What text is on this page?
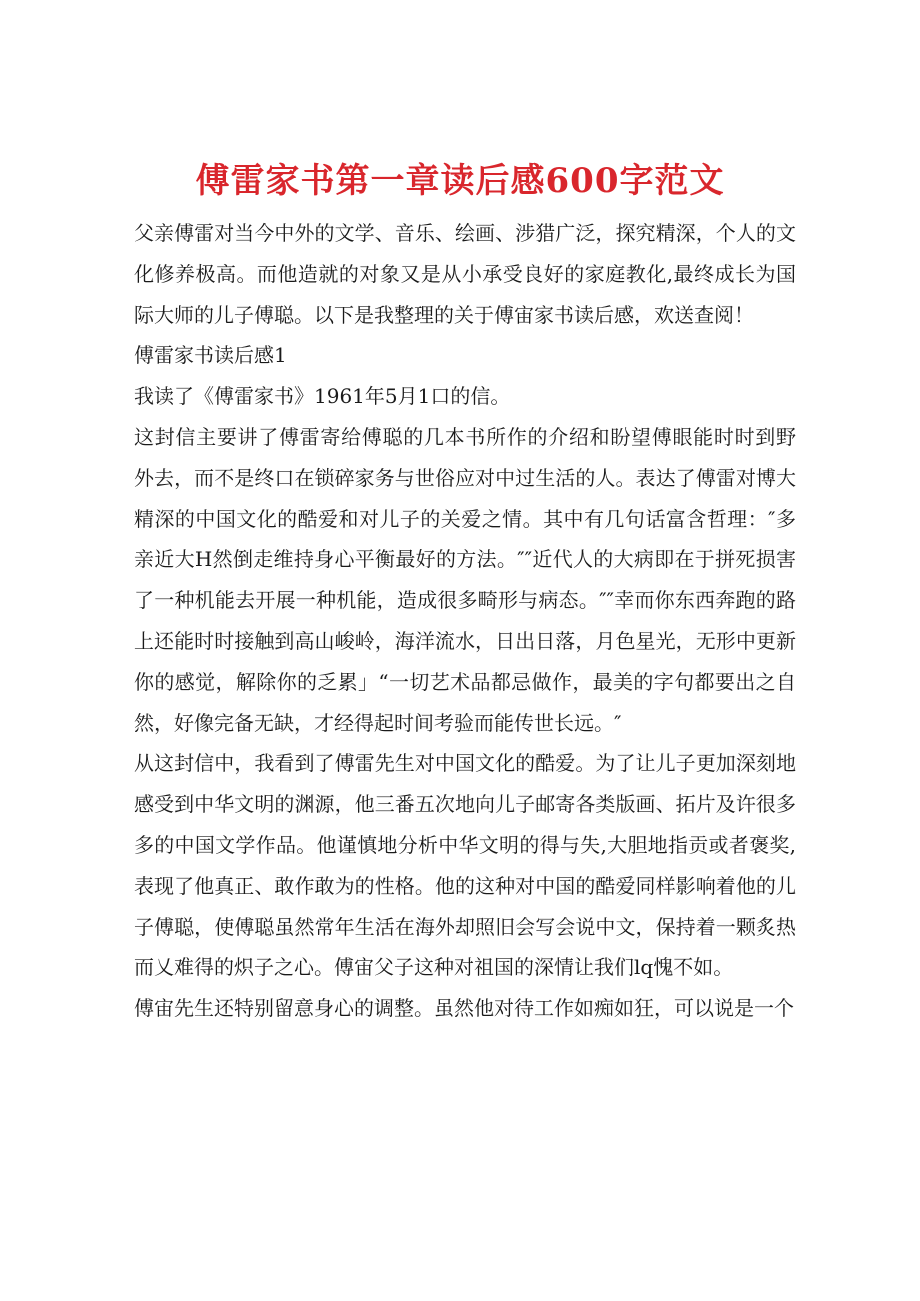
傅雷家书第一章读后感600字范文

父亲傅雷对当今中外的文学、音乐、绘画、涉猎广泛，探究精深，个人的文
化修养极高。而他造就的对象又是从小承受良好的家庭教化,最终成长为国
际大师的儿子傅聪。以下是我整理的关于傅宙家书读后感，欢送查阅！

傅雷家书读后感1

我读了《傅雷家书》1961年5月1口的信。

这封信主要讲了傅雷寄给傅聪的几本书所作的介绍和盼望傅眼能时时到野
外去，而不是终口在锁碎家务与世俗应对中过生活的人。表达了傅雷对博大
精深的中国文化的酷爱和对儿子的关爱之情。其中有几句话富含哲理：″多
亲近大H然倒走维持身心平衡最好的方法。″″近代人的大病即在于拼死损害
了一种机能去开展一种机能，造成很多畸形与病态。″″幸而你东西奔跑的路
上还能时时接触到高山峻岭，海洋流水，日出日落，月色星光，无形中更新
你的感觉，解除你的乏累」“一切艺术品都忌做作，最美的字句都要出之自
然，好像完备无缺，才经得起时间考验而能传世长远。″

从这封信中，我看到了傅雷先生对中国文化的酷爱。为了让儿子更加深刻地
感受到中华文明的渊源，他三番五次地向儿子邮寄各类版画、拓片及许很多
多的中国文学作品。他谨慎地分析中华文明的得与失,大胆地指贡或者褒奖,
表现了他真正、敢作敢为的性格。他的这种对中国的酷爱同样影响着他的儿
子傅聪，使傅聪虽然常年生活在海外却照旧会写会说中文，保持着一颗炙热
而乂难得的炽子之心。傅宙父子这种对祖国的深情让我们lq愧不如。

傅宙先生还特别留意身心的调整。虽然他对待工作如痴如狂，可以说是一个
